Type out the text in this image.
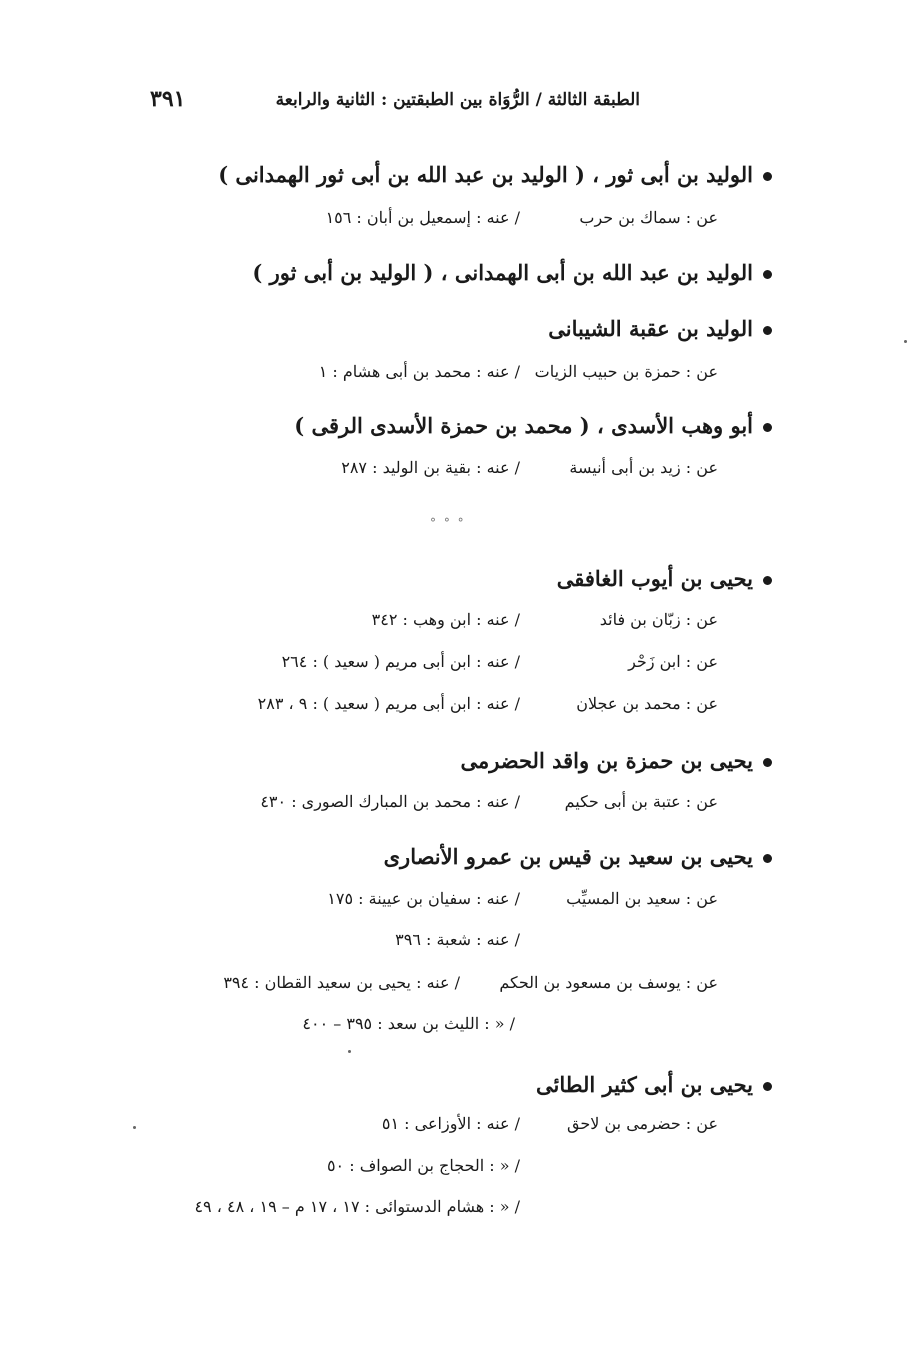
الطبقة الثالثة / الرُّوَاة بين الطبقتين : الثانية والرابعة
٣٩١
الوليد بن أبى ثور ، ( الوليد بن عبد الله بن أبى ثور الهمدانى )
عن : سماك بن حرب
/ عنه : إسمعيل بن أبان : ١٥٦
الوليد بن عبد الله بن أبى الهمدانى ، ( الوليد بن أبى ثور )
الوليد بن عقبة الشيبانى
عن : حمزة بن حبيب الزيات
/ عنه : محمد بن أبى هشام : ١
أبو وهب الأسدى ، ( محمد بن حمزة الأسدى الرقى )
عن : زيد بن أبى أنيسة
/ عنه : بقية بن الوليد : ٢٨٧
° ° °
يحيى بن أيوب الغافقى
عن : زبّان بن فائد
/ عنه : ابن وهب : ٣٤٢
عن : ابن زَحْر
/ عنه : ابن أبى مريم ( سعيد ) : ٢٦٤
عن : محمد بن عجلان
/ عنه : ابن أبى مريم ( سعيد ) : ٩ ، ٢٨٣
يحيى بن حمزة بن واقد الحضرمى
عن : عتبة بن أبى حكيم
/ عنه : محمد بن المبارك الصورى : ٤٣٠
يحيى بن سعيد بن قيس بن عمرو الأنصارى
عن : سعيد بن المسيِّب
/ عنه : سفيان بن عيينة : ١٧٥
/ عنه : شعبة : ٣٩٦
عن : يوسف بن مسعود بن الحكم
/ عنه : يحيى بن سعيد القطان : ٣٩٤
/ « : الليث بن سعد : ٣٩٥ – ٤٠٠
يحيى بن أبى كثير الطائى
عن : حضرمى بن لاحق
/ عنه : الأوزاعى : ٥١
/ « : الحجاج بن الصواف : ٥٠
/ « : هشام الدستوائى : ١٧ ، ١٧ م – ١٩ ، ٤٨ ، ٤٩
